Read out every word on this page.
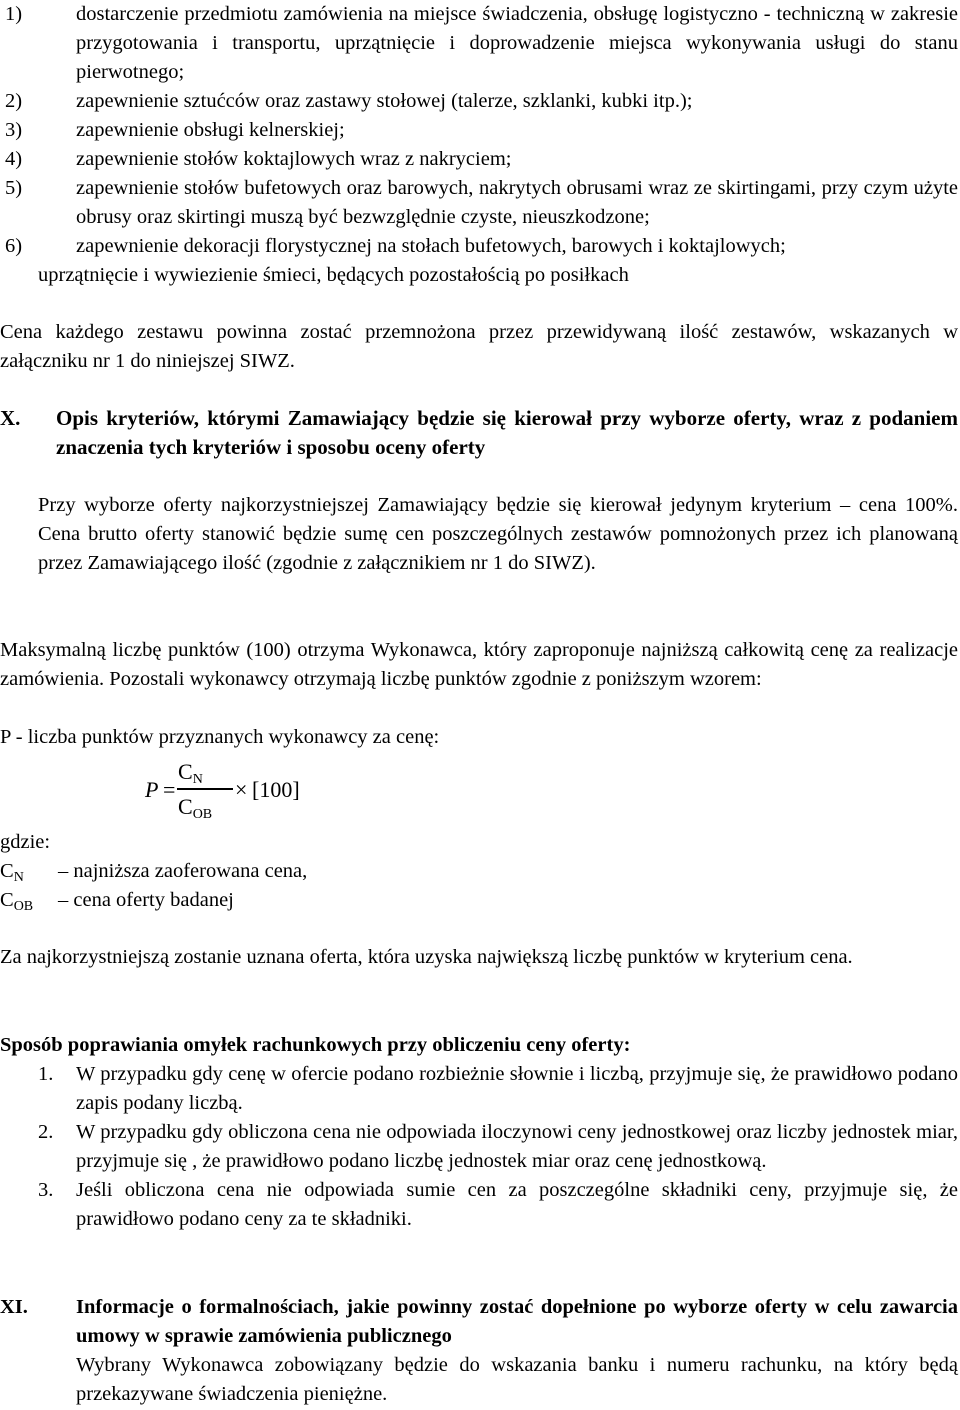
1)	dostarczenie przedmiotu zamówienia na miejsce świadczenia, obsługę logistyczno - techniczną w zakresie przygotowania i transportu, uprzątnięcie i doprowadzenie miejsca wykonywania usługi do stanu pierwotnego;
2)	zapewnienie sztućców oraz zastawy stołowej (talerze, szklanki, kubki itp.);
3)	zapewnienie obsługi kelnerskiej;
4)	zapewnienie stołów koktajlowych wraz z nakryciem;
5)	zapewnienie stołów bufetowych oraz barowych, nakrytych obrusami wraz ze skirtingami, przy czym użyte obrusy oraz skirtingi muszą być bezwzględnie czyste, nieuszkodzone;
6)	zapewnienie dekoracji florystycznej na stołach bufetowych, barowych i koktajlowych;
uprzątnięcie i wywiezienie śmieci, będących pozostałością po posiłkach
Cena każdego zestawu powinna zostać przemnożona przez przewidywaną ilość zestawów, wskazanych w załączniku nr 1 do niniejszej SIWZ.
X. Opis kryteriów, którymi Zamawiający będzie się kierował przy wyborze oferty, wraz z podaniem znaczenia tych kryteriów i sposobu oceny oferty
Przy wyborze oferty najkorzystniejszej Zamawiający będzie się kierował jedynym kryterium – cena 100%. Cena brutto oferty stanowić będzie sumę cen poszczególnych zestawów pomnożonych przez ich planowaną przez Zamawiającego ilość (zgodnie z załącznikiem nr 1 do SIWZ).
Maksymalną liczbę punktów (100) otrzyma Wykonawca, który zaproponuje najniższą całkowitą cenę za realizacje zamówienia. Pozostali wykonawcy otrzymają liczbę punktów zgodnie z poniższym wzorem:
P - liczba punktów przyznanych wykonawcy za cenę:
P =
$C_N$
$C_{OB}$
× [100]
gdzie:
$C_N$ – najniższa zaoferowana cena,
$C_{OB}$ – cena oferty badanej
Za najkorzystniejszą zostanie uznana oferta, która uzyska największą liczbę punktów w kryterium cena.
Sposób poprawiania omyłek rachunkowych przy obliczeniu ceny oferty:
1. W przypadku gdy cenę w ofercie podano rozbieżnie słownie i liczbą, przyjmuje się, że prawidłowo podano zapis podany liczbą.
2. W przypadku gdy obliczona cena nie odpowiada iloczynowi ceny jednostkowej oraz liczby jednostek miar, przyjmuje się , że prawidłowo podano liczbę jednostek miar oraz cenę jednostkową.
3. Jeśli obliczona cena nie odpowiada sumie cen za poszczególne składniki ceny, przyjmuje się, że prawidłowo podano ceny za te składniki.
XI. Informacje o formalnościach, jakie powinny zostać dopełnione po wyborze oferty w celu zawarcia umowy w sprawie zamówienia publicznego
Wybrany Wykonawca zobowiązany będzie do wskazania banku i numeru rachunku, na który będą przekazywane świadczenia pieniężne.
